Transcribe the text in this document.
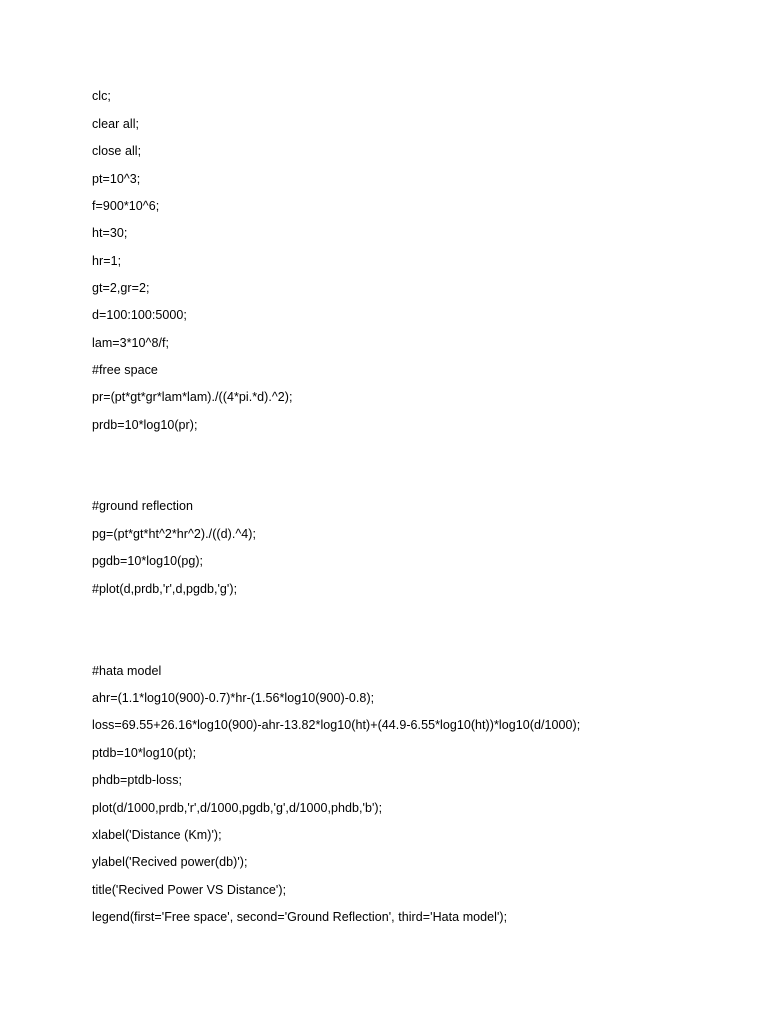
clc;
clear all;
close all;
pt=10^3;
f=900*10^6;
ht=30;
hr=1;
gt=2,gr=2;
d=100:100:5000;
lam=3*10^8/f;
#free space
pr=(pt*gt*gr*lam*lam)./((4*pi.*d).^2);
prdb=10*log10(pr);
#ground reflection
pg=(pt*gt*ht^2*hr^2)./((d).^4);
pgdb=10*log10(pg);
#plot(d,prdb,'r',d,pgdb,'g');
#hata model
ahr=(1.1*log10(900)-0.7)*hr-(1.56*log10(900)-0.8);
loss=69.55+26.16*log10(900)-ahr-13.82*log10(ht)+(44.9-6.55*log10(ht))*log10(d/1000);
ptdb=10*log10(pt);
phdb=ptdb-loss;
plot(d/1000,prdb,'r',d/1000,pgdb,'g',d/1000,phdb,'b');
xlabel('Distance (Km)');
ylabel('Recived power(db)');
title('Recived Power VS Distance');
legend(first='Free space', second='Ground Reflection', third='Hata model');
